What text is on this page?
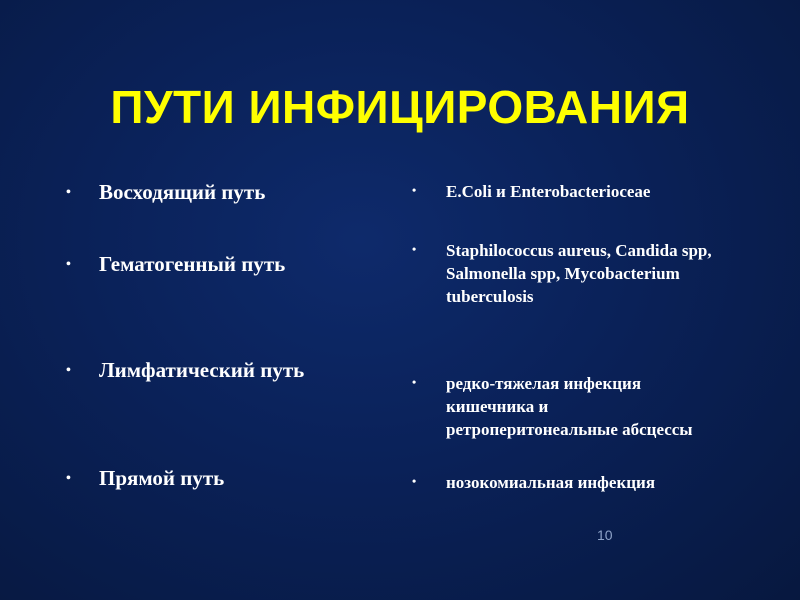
ПУТИ ИНФИЦИРОВАНИЯ
• Восходящий путь
• Гематогенный путь
• Лимфатический путь
• Прямой путь
• E.Coli и Enterobacterioceae
• Staphilococcus aureus, Candida spp, Salmonella spp, Mycobacterium tuberculosis
• редко-тяжелая инфекция кишечника и ретроперитонеальные абсцессы
• нозокомиальная инфекция
10
